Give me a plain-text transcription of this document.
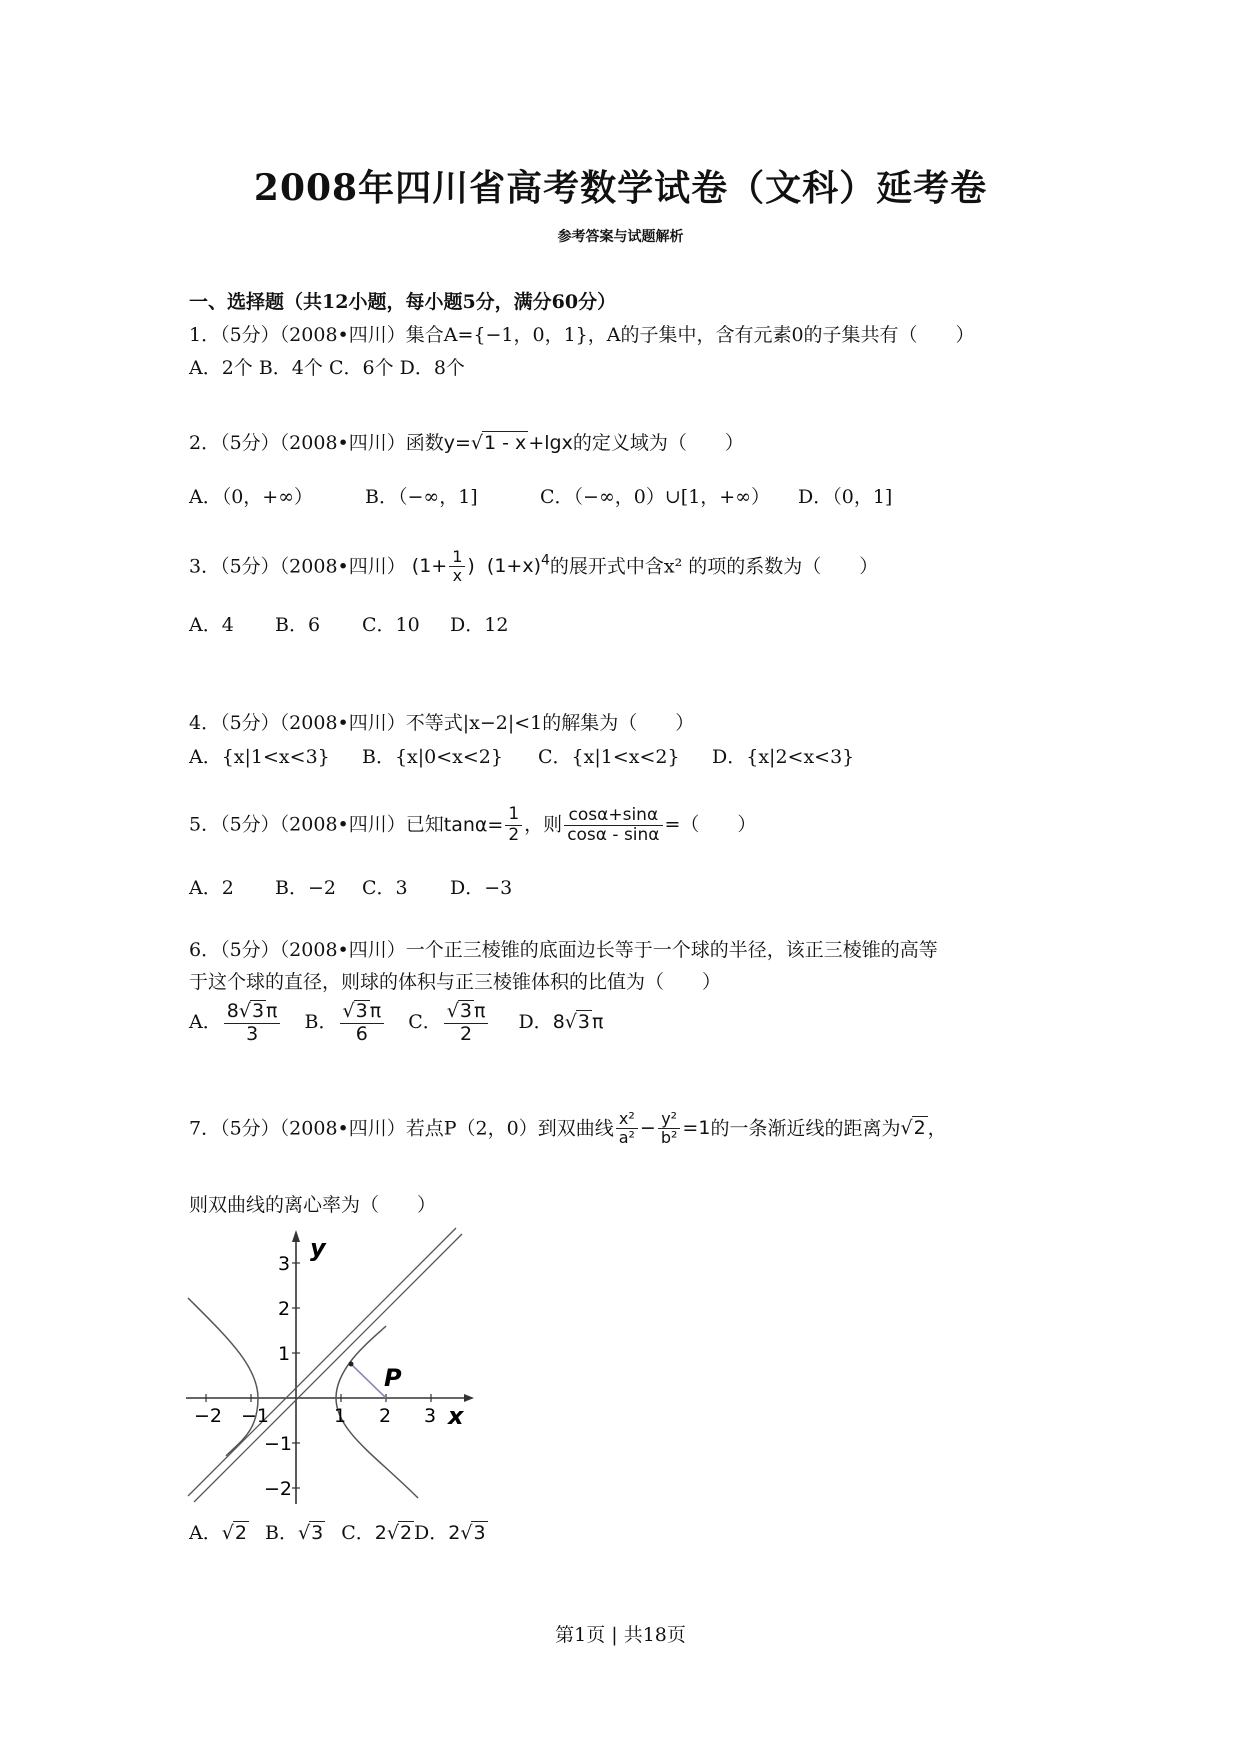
2008年四川省高考数学试卷（文科）延考卷
参考答案与试题解析
一、选择题（共12小题，每小题5分，满分60分）
1．（5分）（2008•四川）集合A={﻿−1，0，1}，A的子集中，含有元素0的子集共有（　　）
A．2个 B．4个 C．6个 D．8个
2．（5分）（2008•四川）函数y=√1 - x +lgx的定义域为（　　）
A．（0，+∞）	B．（−∞，1]	C．（−∞，0）∪[1，+∞） D．（0，1]
3．（5分）（2008•四川） ($1+ \frac{1}{x}$ ) $(1+x)^4$的展开式中含x² 的项的系数为（　　）
A．4 B．6 C．10 D．12
4．（5分）（2008•四川）不等式|x−2|<1的解集为（　　）
A．{x|1<x<3} B．{x|0<x<2} C．{x|1<x<2} D．{x|2<x<3}
5．（5分）（2008•四川）已知$\tan\alpha= \frac{1}{2}$ ，则 $\frac{\cos\alpha+\sin\alpha}{\cos\alpha - \sin\alpha}$ =（　　）
A．2 B．−2 C．3 D．−3
6．（5分）（2008•四川）一个正三棱锥的底面边长等于一个球的半径，该正三棱锥的高等
于这个球的直径，则球的体积与正三棱锥体积的比值为（　　）
A． $\frac{8√3 \pi}{3}$ B． $\frac{√3 \pi}{6}$ C． $\frac{√3 \pi}{2}$ D．8√3 π
7．（5分）（2008•四川）若点P（2，0）到双曲线 $\frac{\text{x²}}{\text{a²}} - \frac{\text{y²}}{\text{b²}} =1$的一条渐近线的距离为√2 ，
则双曲线的离心率为（　　）
y
x
P
−2 −1	1 2 3
3
2
1
−1
−2
A．√2 B．√3 C．2√2 D．2√3
第1页 | 共18页
